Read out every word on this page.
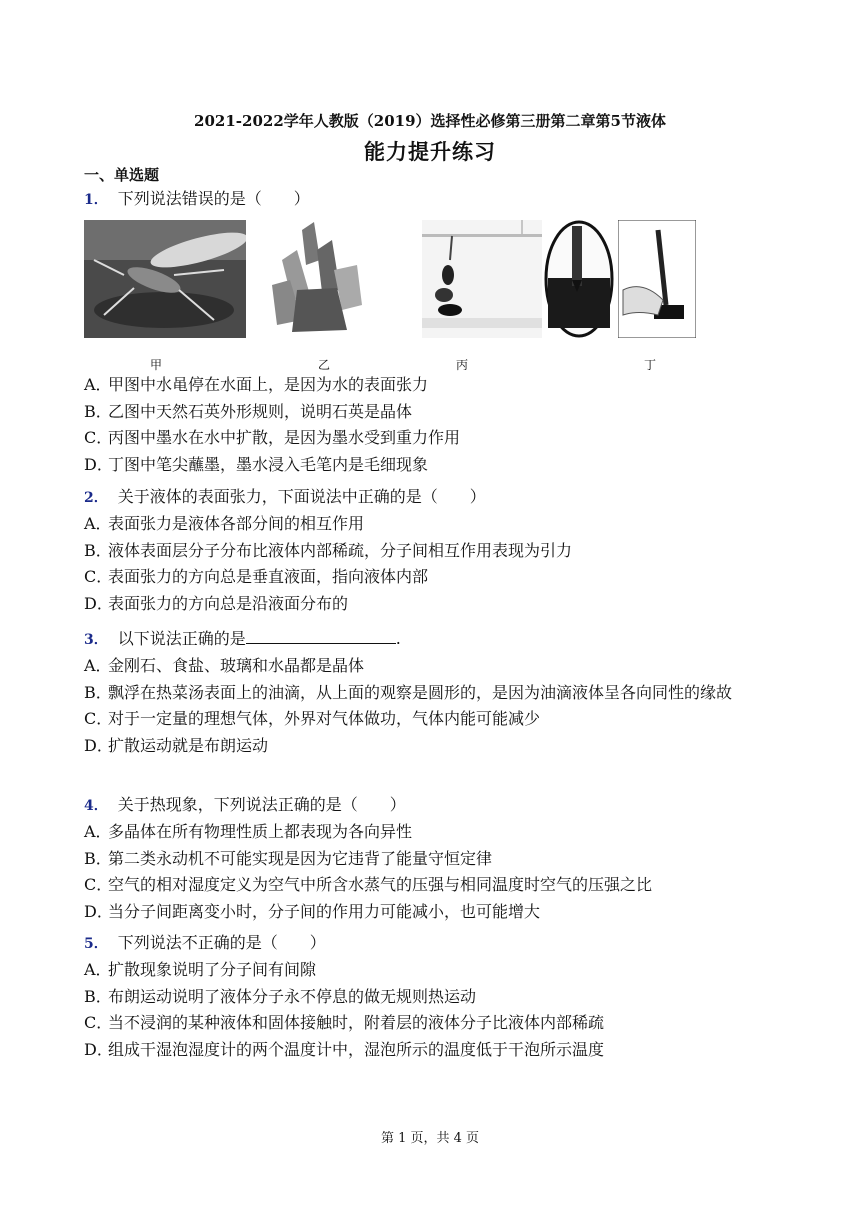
2021-2022学年人教版（2019）选择性必修第三册第二章第5节液体
能力提升练习
一、单选题
1． 下列说法错误的是（　　）
甲	乙	丙	丁
A．甲图中水黾停在水面上，是因为水的表面张力
B．乙图中天然石英外形规则，说明石英是晶体
C．丙图中墨水在水中扩散，是因为墨水受到重力作用
D．丁图中笔尖蘸墨，墨水浸入毛笔内是毛细现象
2． 关于液体的表面张力，下面说法中正确的是（　　）
A．表面张力是液体各部分间的相互作用
B．液体表面层分子分布比液体内部稀疏，分子间相互作用表现为引力
C．表面张力的方向总是垂直液面，指向液体内部
D．表面张力的方向总是沿液面分布的
3． 以下说法正确的是	.
A．金刚石、食盐、玻璃和水晶都是晶体
B．飘浮在热菜汤表面上的油滴，从上面的观察是圆形的，是因为油滴液体呈各向同性的缘故
C．对于一定量的理想气体，外界对气体做功，气体内能可能减少
D．扩散运动就是布朗运动
4． 关于热现象，下列说法正确的是（　　）
A．多晶体在所有物理性质上都表现为各向异性
B．第二类永动机不可能实现是因为它违背了能量守恒定律
C．空气的相对湿度定义为空气中所含水蒸气的压强与相同温度时空气的压强之比
D．当分子间距离变小时，分子间的作用力可能减小，也可能增大
5． 下列说法不正确的是（　　）
A．扩散现象说明了分子间有间隙
B．布朗运动说明了液体分子永不停息的做无规则热运动
C．当不浸润的某种液体和固体接触时，附着层的液体分子比液体内部稀疏
D．组成干湿泡湿度计的两个温度计中，湿泡所示的温度低于干泡所示温度
第 1 页，共 4 页
